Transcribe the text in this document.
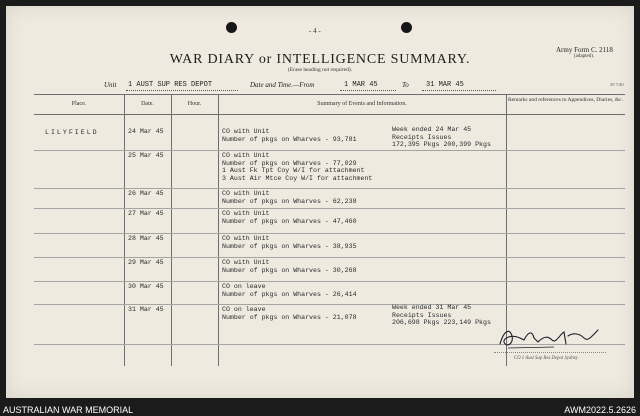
- 4 -
WAR DIARY or INTELLIGENCE SUMMARY.
(Erase heading not required).
Army Form C. 2118
(adapted).
Unit 1 AUST SUP RES DEPOT	Date and Time.—From	1 MAR 45	To 31 MAR 45	29 7/40
Place.	Date.	Hour.	Summary of Events and Information.
Remarks and references to Appendices, Diaries, &c.
LILYFIELD	24 Mar 45	CO with Unit
Number of pkgs on Wharves - 93,781
Week ended 24 Mar 45
Receipts Issues
172,395 Pkgs 200,399 Pkgs
25 Mar 45	CO with Unit
Number of pkgs on Wharves - 77,029
1 Aust Fk Tpt Coy W/I for attachment
3 Aust Air Mtce Coy W/I for attachment
26 Mar 45	CO with Unit
Number of pkgs on Wharves - 62,238
27 Mar 45	CO with Unit
Number of pkgs on Wharves - 47,460
28 Mar 45	CO with Unit
Number of pkgs on Wharves - 38,935
29 Mar 45	CO with Unit
Number of pkgs on Wharves - 30,268
30 Mar 45	CO on leave
Number of pkgs on Wharves - 26,414
31 Mar 45	CO on leave
Number of pkgs on Wharves - 21,078
Week ended 31 Mar 45
Receipts Issues
206,698 Pkgs 223,149 Pkgs
CO 1 Aust Sup Res Depot Sydney
AUSTRALIAN WAR MEMORIAL	AWM2022.5.2626
